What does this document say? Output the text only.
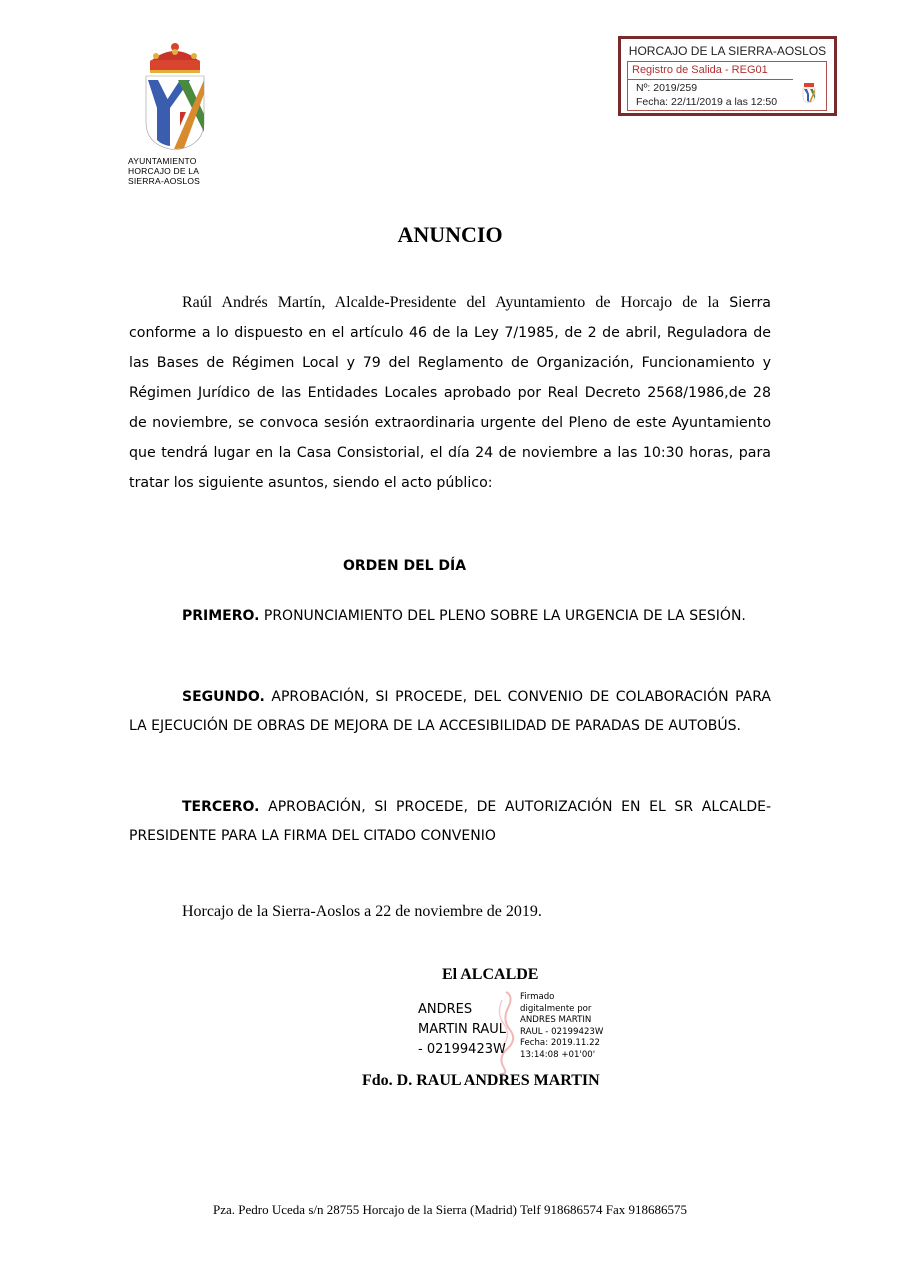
AYUNTAMIENTO
HORCAJO DE LA
SIERRA-AOSLOS
HORCAJO DE LA SIERRA-AOSLOS
Registro de Salida - REG01
Nº: 2019/259
Fecha: 22/11/2019 a las 12:50
ANUNCIO

Raúl Andrés Martín, Alcalde-Presidente del Ayuntamiento de Horcajo de la Sierra conforme a lo dispuesto en el artículo 46 de la Ley 7/1985, de 2 de abril, Reguladora de las Bases de Régimen Local y 79 del Reglamento de Organización, Funcionamiento y Régimen Jurídico de las Entidades Locales aprobado por Real Decreto 2568/1986,de 28 de noviembre, se convoca sesión extraordinaria urgente del Pleno de este Ayuntamiento que tendrá lugar en la Casa Consistorial, el día 24 de noviembre a las 10:30 horas, para tratar los siguiente asuntos, siendo el acto público:

ORDEN DEL DÍA

PRIMERO. PRONUNCIAMIENTO DEL PLENO SOBRE LA URGENCIA DE LA SESIÓN.

SEGUNDO. APROBACIÓN, SI PROCEDE, DEL CONVENIO DE COLABORACIÓN PARA LA EJECUCIÓN DE OBRAS DE MEJORA DE LA ACCESIBILIDAD DE PARADAS DE AUTOBÚS.

TERCERO. APROBACIÓN, SI PROCEDE, DE AUTORIZACIÓN EN EL SR ALCALDE-PRESIDENTE PARA LA FIRMA DEL CITADO CONVENIO

Horcajo de la Sierra-Aoslos a 22 de noviembre de 2019.
El ALCALDE
ANDRES
MARTIN RAUL
- 02199423W
Firmado
digitalmente por
ANDRES MARTIN
RAUL - 02199423W
Fecha: 2019.11.22
13:14:08 +01'00'
Fdo. D. RAUL ANDRES MARTIN
Pza. Pedro Uceda s/n 28755 Horcajo de la Sierra (Madrid) Telf 918686574 Fax 918686575
